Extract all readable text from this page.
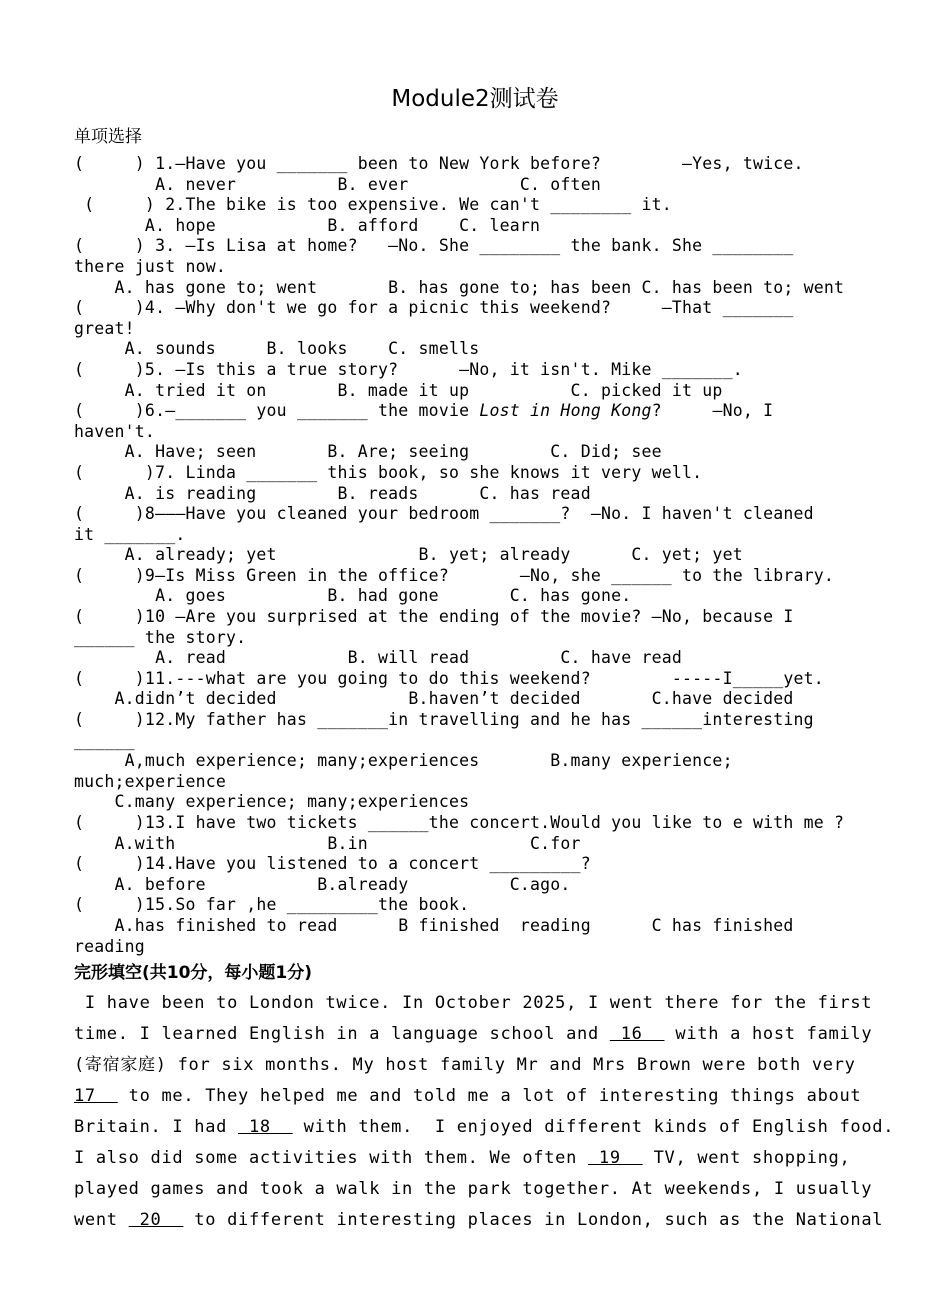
Module2测试卷
单项选择
(     ) 1.—Have you _______ been to New York before?        —Yes, twice.
A. never          B. ever           C. often
(     ) 2.The bike is too expensive. We can't ________ it.
A. hope           B. afford    C. learn
(     ) 3. —Is Lisa at home?   —No. She ________ the bank. She ________
there just now.
A. has gone to; went       B. has gone to; has been C. has been to; went
(     )4. —Why don't we go for a picnic this weekend?     —That _______
great!
A. sounds     B. looks    C. smells
(     )5. —Is this a true story?      —No, it isn't. Mike _______.
A. tried it on       B. made it up          C. picked it up
(     )6.—_______ you _______ the movie Lost in Hong Kong?     —No, I
haven't.
A. Have; seen       B. Are; seeing        C. Did; see
(      )7. Linda _______ this book, so she knows it very well.
A. is reading        B. reads      C. has read
(     )8———Have you cleaned your bedroom _______?  —No. I haven't cleaned
it _______.
A. already; yet              B. yet; already      C. yet; yet
(     )9—Is Miss Green in the office?       —No, she ______ to the library.
A. goes          B. had gone       C. has gone.
(     )10 —Are you surprised at the ending of the movie? —No, because I
______ the story.
A. read            B. will read         C. have read
(     )11.---what are you going to do this weekend?        -----I_____yet.
A.didn’t decided             B.haven’t decided       C.have decided
(     )12.My father has _______in travelling and he has ______interesting
______
A,much experience; many;experiences       B.many experience;
much;experience
C.many experience; many;experiences
(     )13.I have two tickets ______the concert.Would you like to e with me ?
A.with               B.in                C.for
(     )14.Have you listened to a concert _________?
A. before           B.already          C.ago.
(     )15.So far ,he _________the book.
A.has finished to read      B finished  reading      C has finished
reading
完形填空(共10分，每小题1分)
I have been to London twice. In October 2025, I went there for the first
time. I learned English in a language school and  16   with a host family
(寄宿家庭) for six months. My host family Mr and Mrs Brown were both very
17   to me. They helped me and told me a lot of interesting things about
Britain. I had  18   with them.  I enjoyed different kinds of English food.
I also did some activities with them. We often  19   TV, went shopping,
played games and took a walk in the park together. At weekends, I usually
went  20   to different interesting places in London, such as the National
